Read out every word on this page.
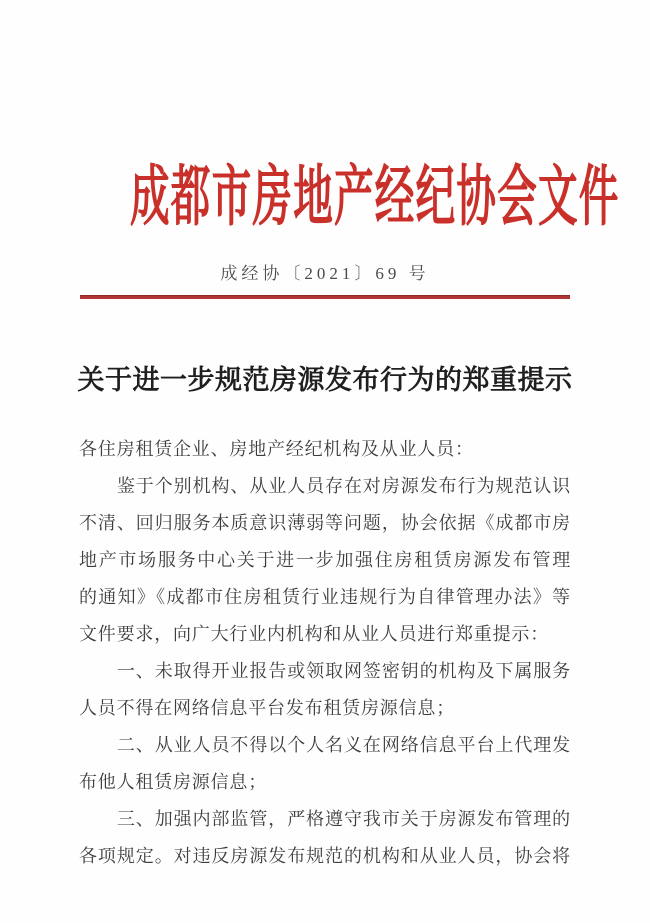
成都市房地产经纪协会文件
成经协〔2021〕69 号
关于进一步规范房源发布行为的郑重提示
各住房租赁企业、房地产经纪机构及从业人员：
　　鉴于个别机构、从业人员存在对房源发布行为规范认识
不清、回归服务本质意识薄弱等问题，协会依据《成都市房
地产市场服务中心关于进一步加强住房租赁房源发布管理
的通知》《成都市住房租赁行业违规行为自律管理办法》等
文件要求，向广大行业内机构和从业人员进行郑重提示：
　　一、未取得开业报告或领取网签密钥的机构及下属服务
人员不得在网络信息平台发布租赁房源信息；
　　二、从业人员不得以个人名义在网络信息平台上代理发
布他人租赁房源信息；
　　三、加强内部监管，严格遵守我市关于房源发布管理的
各项规定。对违反房源发布规范的机构和从业人员，协会将
